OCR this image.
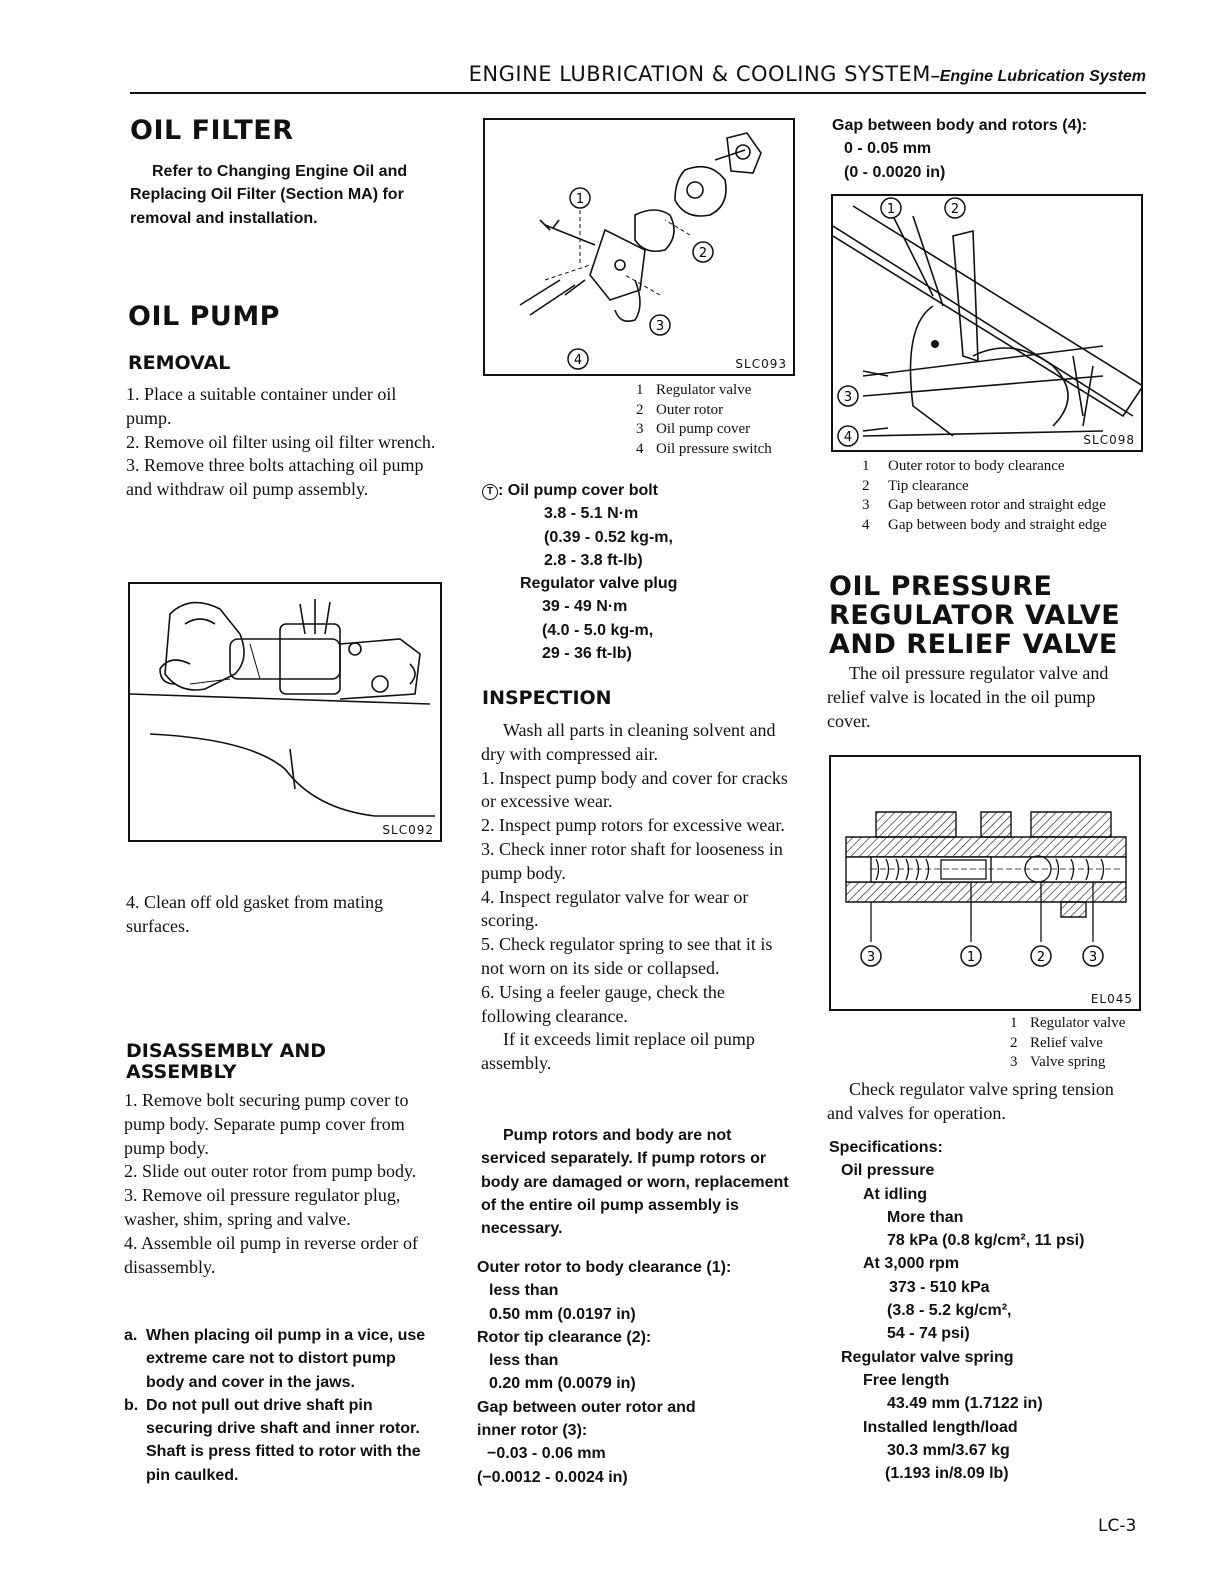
ENGINE LUBRICATION & COOLING SYSTEM–Engine Lubrication System
OIL FILTER
Refer to Changing Engine Oil and Replacing Oil Filter (Section MA) for removal and installation.
OIL PUMP
REMOVAL

1. Place a suitable container under oil pump.

2. Remove oil filter using oil filter wrench.

3. Remove three bolts attaching oil pump and withdraw oil pump assembly.

SLC092
4. Clean off old gasket from mating surfaces.
DISASSEMBLY AND ASSEMBLY

1. Remove bolt securing pump cover to pump body. Separate pump cover from pump body.

2. Slide out outer rotor from pump body.

3. Remove oil pressure regulator plug, washer, shim, spring and valve.

4. Assemble oil pump in reverse order of disassembly.

a. When placing oil pump in a vice, use extreme care not to distort pump body and cover in the jaws.
b. Do not pull out drive shaft pin securing drive shaft and inner rotor. Shaft is press fitted to rotor with the pin caulked.
1
2
3
4	SLC093
1 Regulator valve
2 Outer rotor
3 Oil pump cover
4 Oil pressure switch
T : Oil pump cover bolt
3.8 - 5.1 N·m
(0.39 - 0.52 kg-m,
2.8 - 3.8 ft-lb)
Regulator valve plug
39 - 49 N·m
(4.0 - 5.0 kg-m,
29 - 36 ft-lb)
INSPECTION

Wash all parts in cleaning solvent and dry with compressed air.

1. Inspect pump body and cover for cracks or excessive wear.

2. Inspect pump rotors for excessive wear.

3. Check inner rotor shaft for looseness in pump body.

4. Inspect regulator valve for wear or scoring.

5. Check regulator spring to see that it is not worn on its side or collapsed.

6. Using a feeler gauge, check the following clearance.

If it exceeds limit replace oil pump assembly.

Pump rotors and body are not serviced separately. If pump rotors or body are damaged or worn, replacement of the entire oil pump assembly is necessary.
Outer rotor to body clearance (1):
less than
0.50 mm (0.0197 in)
Rotor tip clearance (2):
less than
0.20 mm (0.0079 in)
Gap between outer rotor and
inner rotor (3):
−0.03 - 0.06 mm
(−0.0012 - 0.0024 in)
Gap between body and rotors (4):
0 - 0.05 mm
(0 - 0.0020 in)
1	2
3
4	SLC098
1 Outer rotor to body clearance
2 Tip clearance
3 Gap between rotor and straight edge
4 Gap between body and straight edge
OIL PRESSURE
REGULATOR VALVE
AND RELIEF VALVE
The oil pressure regulator valve and relief valve is located in the oil pump cover.
3	1	2	3
EL045
1 Regulator valve
2 Relief valve
3 Valve spring
Check regulator valve spring tension and valves for operation.
Specifications:
Oil pressure
At idling
More than
78 kPa (0.8 kg/cm², 11 psi)
At 3,000 rpm
373 - 510 kPa
(3.8 - 5.2 kg/cm²,
54 - 74 psi)
Regulator valve spring
Free length
43.49 mm (1.7122 in)
Installed length/load
30.3 mm/3.67 kg
(1.193 in/8.09 lb)
LC-3
